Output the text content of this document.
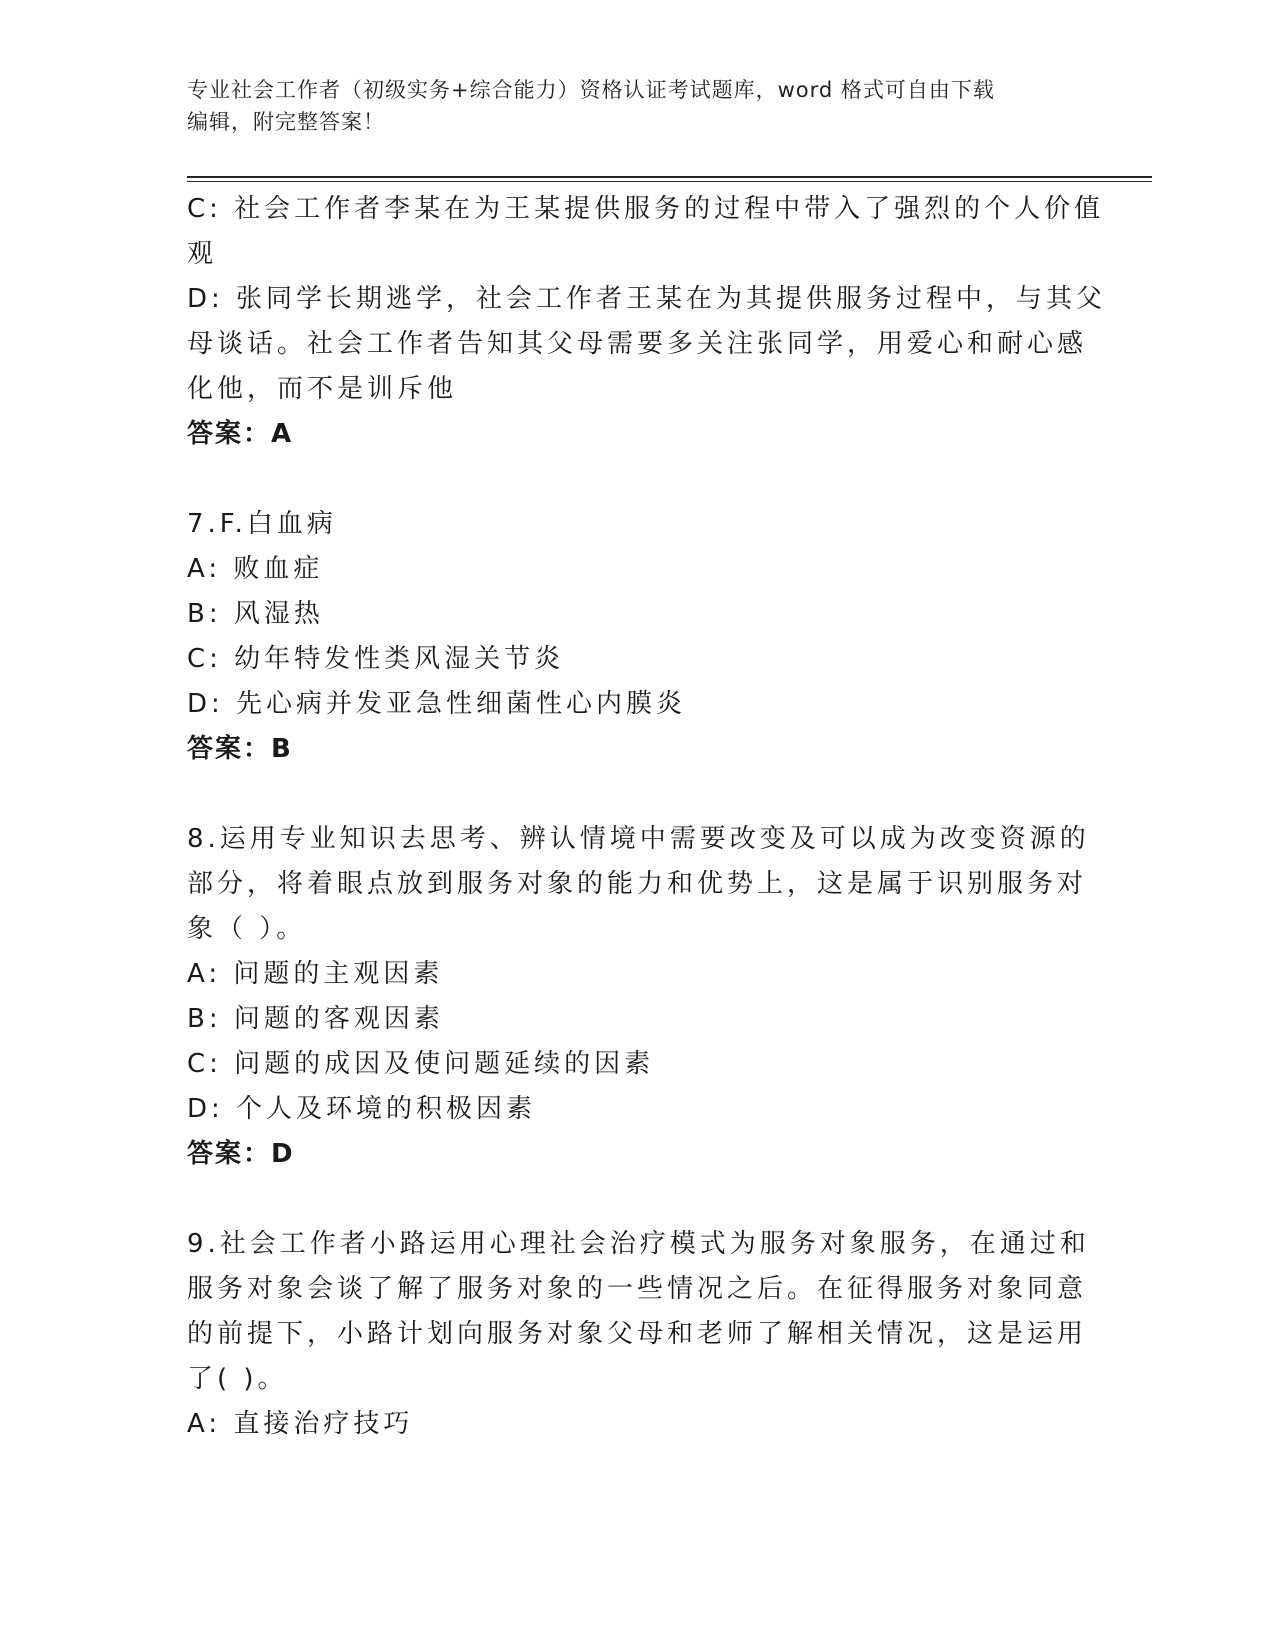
专业社会工作者（初级实务+综合能力）资格认证考试题库，word 格式可自由下载
编辑，附完整答案！
C: 社会工作者李某在为王某提供服务的过程中带入了强烈的个人价值
观
D: 张同学长期逃学，社会工作者王某在为其提供服务过程中，与其父
母谈话。社会工作者告知其父母需要多关注张同学，用爱心和耐心感
化他，而不是训斥他
答案：A
7.F.白血病
A: 败血症
B: 风湿热
C: 幼年特发性类风湿关节炎
D: 先心病并发亚急性细菌性心内膜炎
答案：B
8.运用专业知识去思考、辨认情境中需要改变及可以成为改变资源的
部分，将着眼点放到服务对象的能力和优势上，这是属于识别服务对
象（ ）。
A: 问题的主观因素
B: 问题的客观因素
C: 问题的成因及使问题延续的因素
D: 个人及环境的积极因素
答案：D
9.社会工作者小路运用心理社会治疗模式为服务对象服务，在通过和
服务对象会谈了解了服务对象的一些情况之后。在征得服务对象同意
的前提下，小路计划向服务对象父母和老师了解相关情况，这是运用
了( )。
A: 直接治疗技巧
